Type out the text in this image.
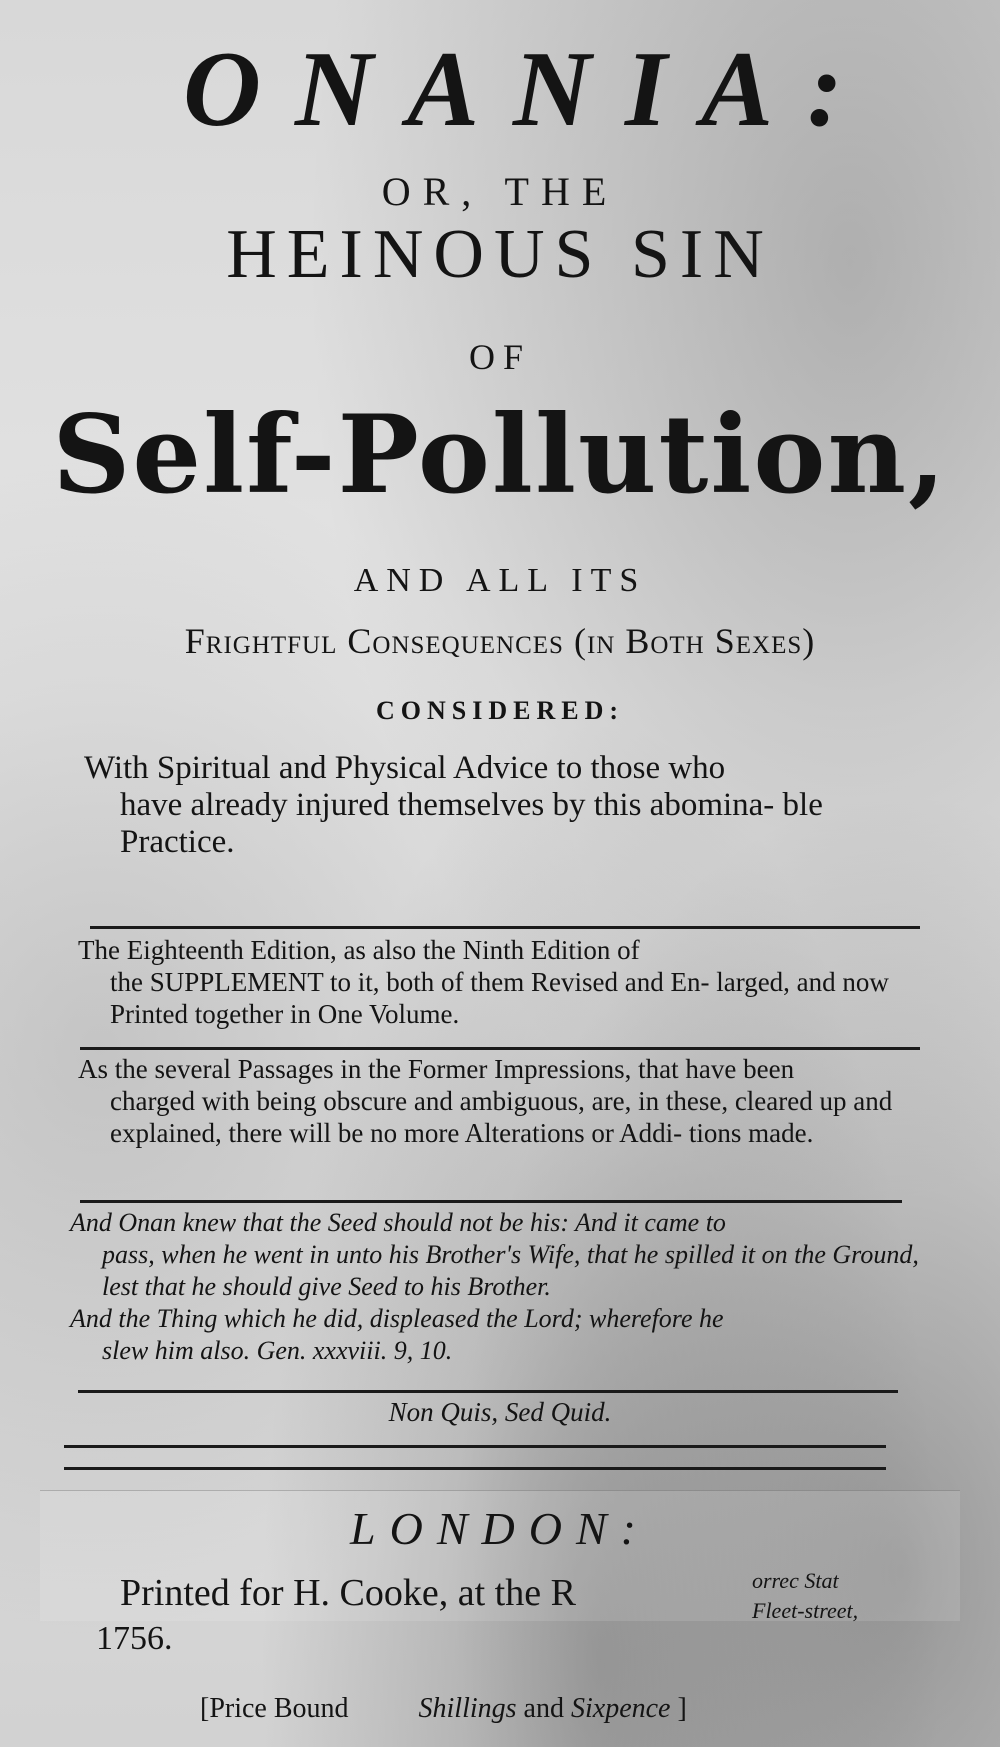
ONANIA:
OR, THE
HEINOUS SIN
OF
Self-Pollution,
AND ALL ITS
Frightful Consequences (in Both Sexes)
CONSIDERED:
With Spiritual and Physical Advice to those who
have already injured themselves by this abomina- ble Practice.
The Eighteenth Edition, as also the Ninth Edition of
the SUPPLEMENT to it, both of them Revised and En- larged, and now Printed together in One Volume.
As the several Passages in the Former Impressions, that have been
charged with being obscure and ambiguous, are, in these, cleared up and explained, there will be no more Alterations or Addi- tions made.
And Onan knew that the Seed should not be his: And it came to
pass, when he went in unto his Brother's Wife, that he spilled it on the Ground, lest that he should give Seed to his Brother.
And the Thing which he did, displeased the Lord; wherefore he
slew him also. Gen. xxxviii. 9, 10.
Non Quis, Sed Quid.
LONDON:
Printed for H. Cooke, at the R	orrec Stat
Fleet-street,
1756.
[Price Bound	Shillings and Sixpence ]
